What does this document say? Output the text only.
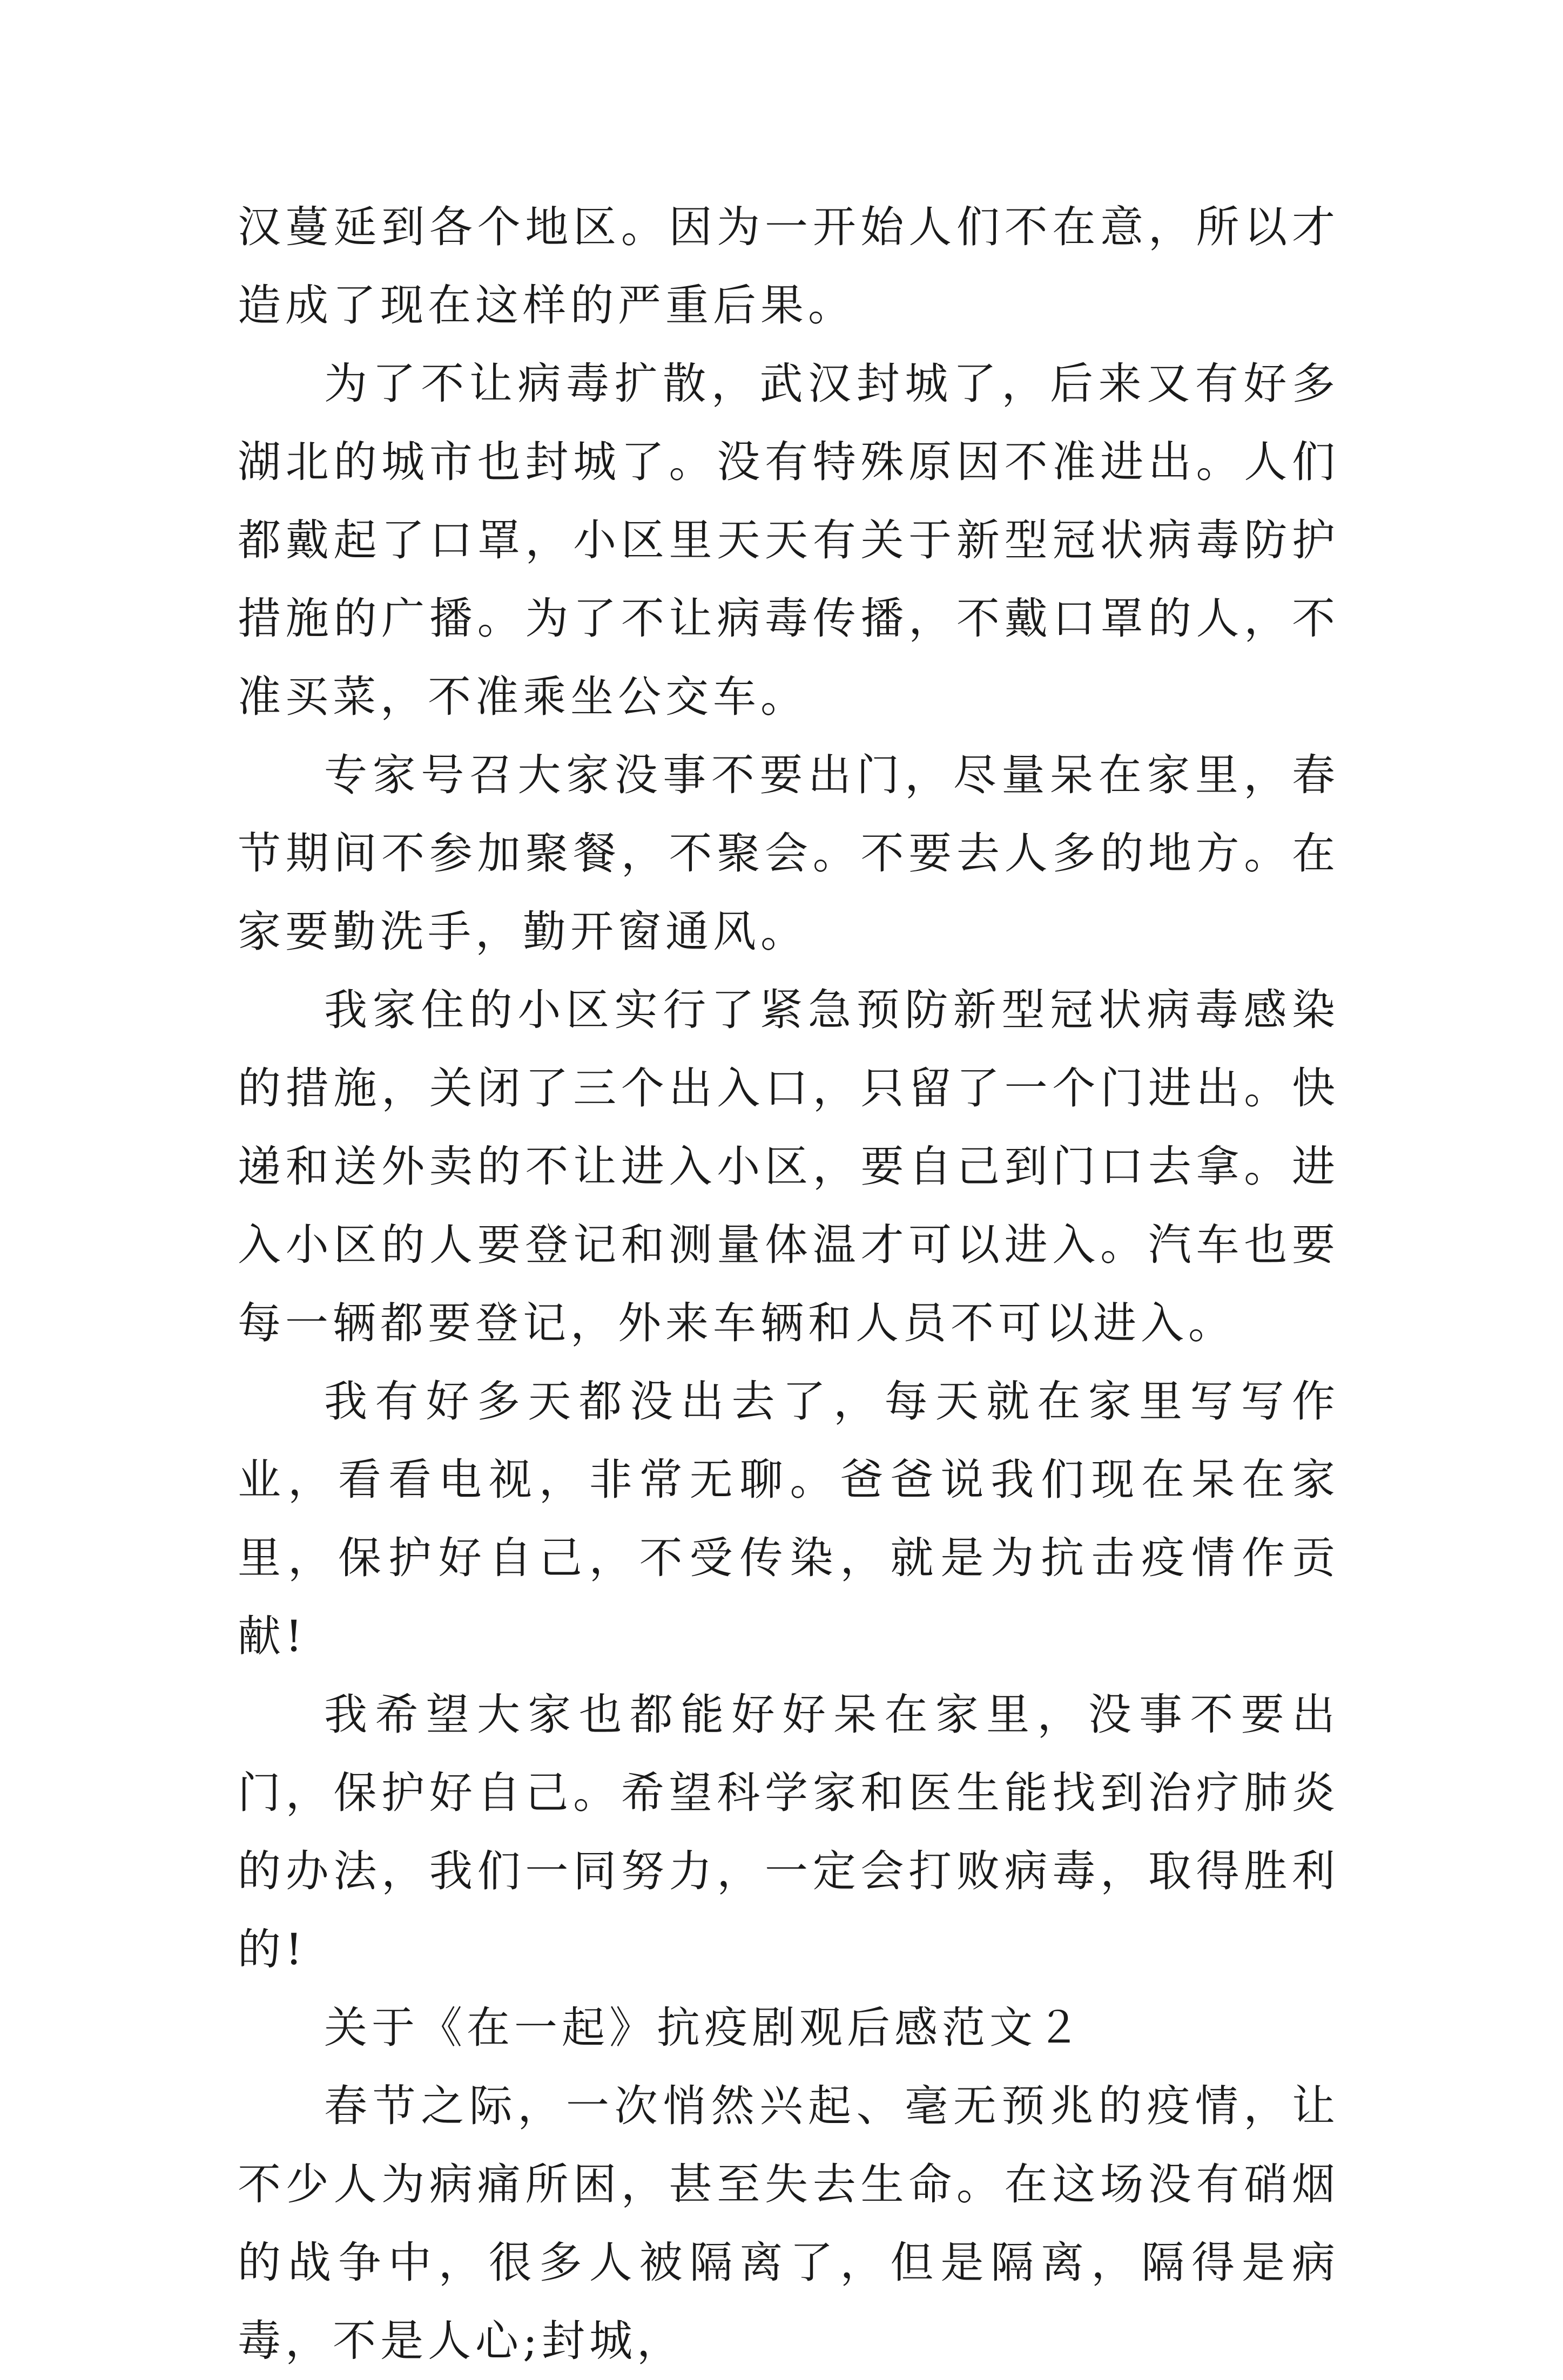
汉蔓延到各个地区。因为一开始人们不在意，所以才造成了现在这样的严重后果。

为了不让病毒扩散，武汉封城了，后来又有好多湖北的城市也封城了。没有特殊原因不准进出。人们都戴起了口罩，小区里天天有关于新型冠状病毒防护措施的广播。为了不让病毒传播，不戴口罩的人，不准买菜，不准乘坐公交车。

专家号召大家没事不要出门，尽量呆在家里，春节期间不参加聚餐，不聚会。不要去人多的地方。在家要勤洗手，勤开窗通风。

我家住的小区实行了紧急预防新型冠状病毒感染的措施，关闭了三个出入口，只留了一个门进出。快递和送外卖的不让进入小区，要自己到门口去拿。进入小区的人要登记和测量体温才可以进入。汽车也要每一辆都要登记，外来车辆和人员不可以进入。

我有好多天都没出去了，每天就在家里写写作业，看看电视，非常无聊。爸爸说我们现在呆在家里，保护好自己，不受传染，就是为抗击疫情作贡献!

我希望大家也都能好好呆在家里，没事不要出门，保护好自己。希望科学家和医生能找到治疗肺炎的办法，我们一同努力，一定会打败病毒，取得胜利的!

关于《在一起》抗疫剧观后感范文２

春节之际，一次悄然兴起、毫无预兆的疫情，让不少人为病痛所困，甚至失去生命。在这场没有硝烟的战争中，很多人被隔离了，但是隔离，隔得是病毒，不是人心;封城，
